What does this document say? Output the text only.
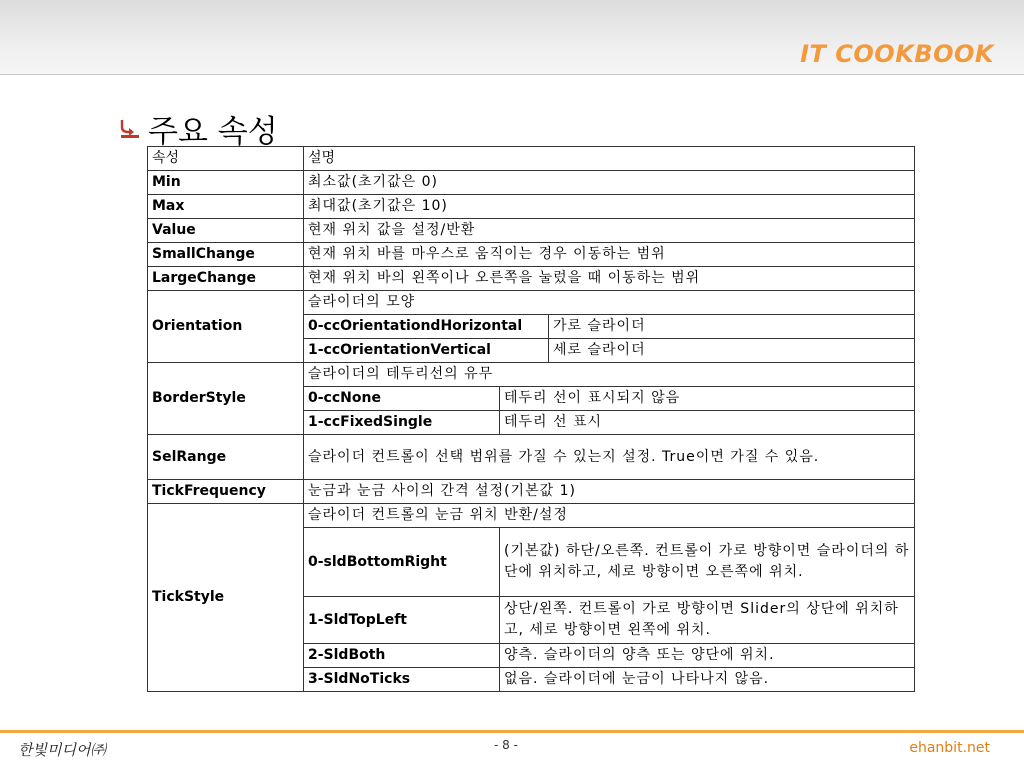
IT COOKBOOK
주요 속성
속성	설명		
Min	최소값(초기값은 0)		
Max	최대값(초기값은 10)		
Value	현재 위치 값을 설정/반환		
SmallChange	현재 위치 바를 마우스로 움직이는 경우 이동하는 범위		
LargeChange	현재 위치 바의 왼쪽이나 오른쪽을 눌렀을 때 이동하는 범위		
Orientation	슬라이더의 모양		
	0-ccOrientationdHorizontal		가로 슬라이더
	1-ccOrientationVertical		세로 슬라이더
BorderStyle	슬라이더의 테두리선의 유무		
	0-ccNone	테두리 선이 표시되지 않음	
	1-ccFixedSingle	테두리 선 표시	
SelRange	슬라이더 컨트롤이 선택 범위를 가질 수 있는지 설정. True이면 가질 수 있음.		
TickFrequency	눈금과 눈금 사이의 간격 설정(기본값 1)		
TickStyle	슬라이더 컨트롤의 눈금 위치 반환/설정		
	0-sldBottomRight	(기본값) 하단/오른쪽. 컨트롤이 가로 방향이면 슬라이더의 하단에 위치하고, 세로 방향이면 오른쪽에 위치.	
	1-SldTopLeft	상단/왼쪽. 컨트롤이 가로 방향이면 Slider의 상단에 위치하고, 세로 방향이면 왼쪽에 위치.	
	2-SldBoth	양측. 슬라이더의 양측 또는 양단에 위치.	
	3-SldNoTicks	없음. 슬라이더에 눈금이 나타나지 않음.	
한빛미디어㈜	- 8 -	ehanbit.net
